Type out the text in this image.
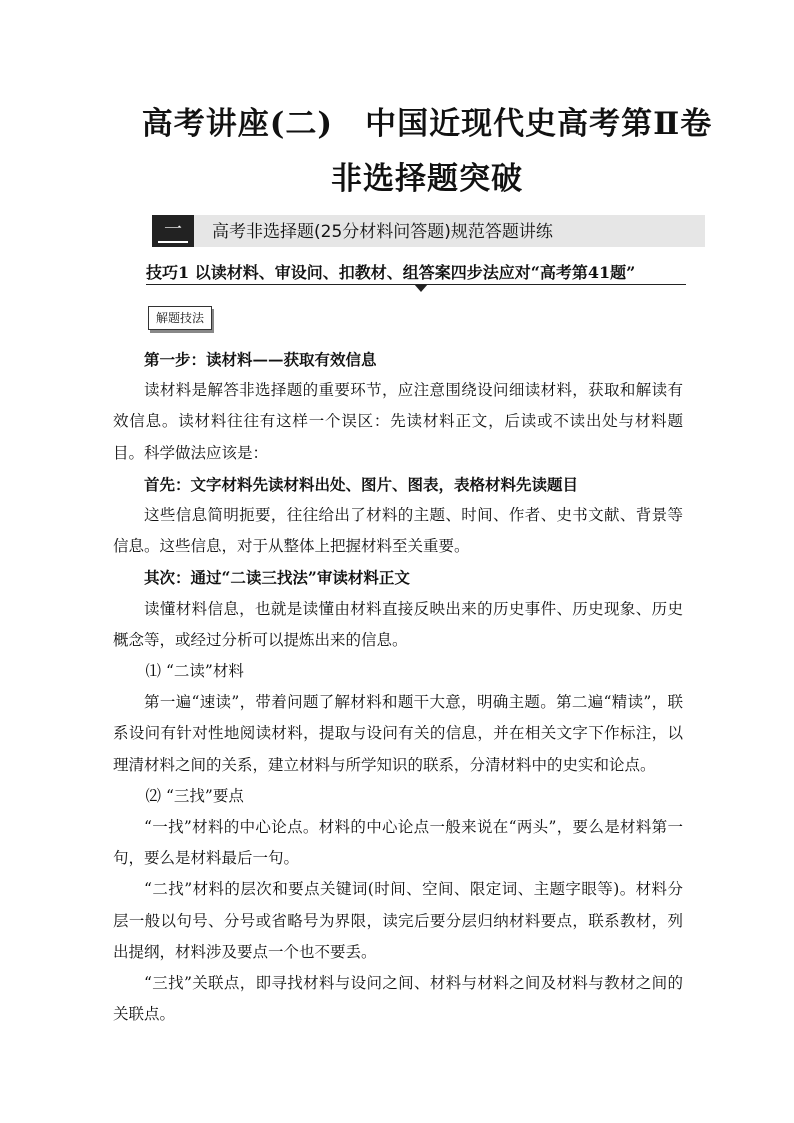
高考讲座(二)　中国近现代史高考第Ⅱ卷
非选择题突破
一	高考非选择题(25分材料问答题)规范答题讲练
技巧1 以读材料、审设问、扣教材、组答案四步法应对“高考第41题”
解题技法

第一步：读材料——获取有效信息

读材料是解答非选择题的重要环节，应注意围绕设问细读材料，获取和解读有效信息。读材料往往有这样一个误区：先读材料正文，后读或不读出处与材料题目。科学做法应该是：

首先：文字材料先读材料出处、图片、图表，表格材料先读题目

这些信息简明扼要，往往给出了材料的主题、时间、作者、史书文献、背景等信息。这些信息，对于从整体上把握材料至关重要。

其次：通过“二读三找法”审读材料正文

读懂材料信息，也就是读懂由材料直接反映出来的历史事件、历史现象、历史概念等，或经过分析可以提炼出来的信息。

⑴ “二读”材料

第一遍“速读”，带着问题了解材料和题干大意，明确主题。第二遍“精读”，联系设问有针对性地阅读材料，提取与设问有关的信息，并在相关文字下作标注，以理清材料之间的关系，建立材料与所学知识的联系，分清材料中的史实和论点。

⑵ “三找”要点

“一找”材料的中心论点。材料的中心论点一般来说在“两头”，要么是材料第一句，要么是材料最后一句。

“二找”材料的层次和要点关键词(时间、空间、限定词、主题字眼等)。材料分层一般以句号、分号或省略号为界限，读完后要分层归纳材料要点，联系教材，列出提纲，材料涉及要点一个也不要丢。

“三找”关联点，即寻找材料与设问之间、材料与材料之间及材料与教材之间的关联点。
